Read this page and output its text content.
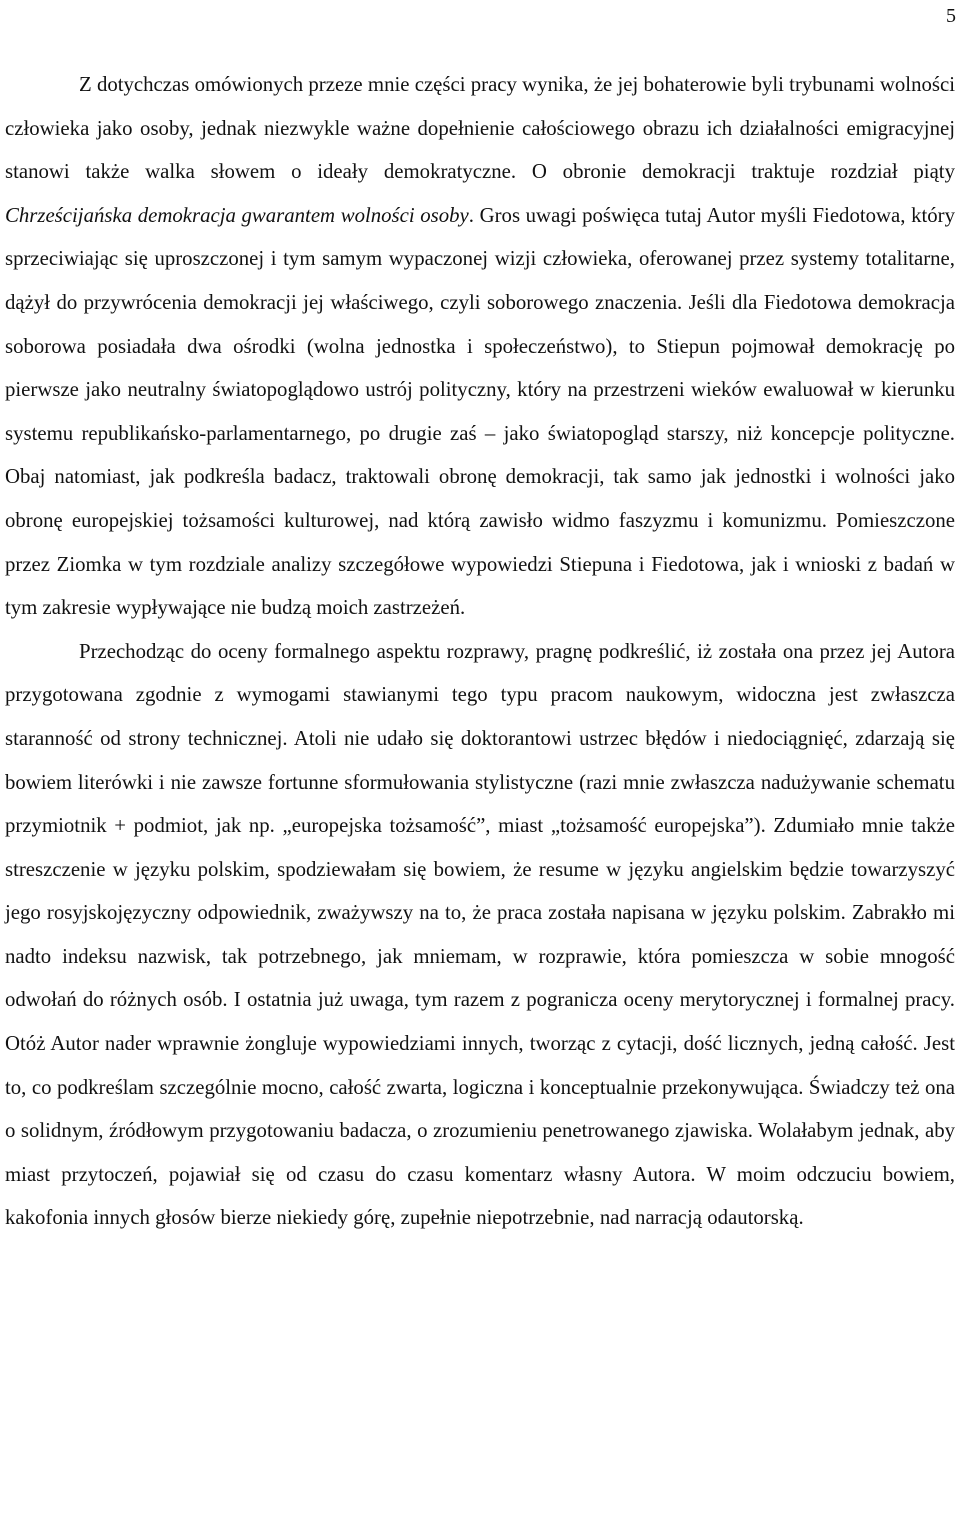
5

Z dotychczas omówionych przeze mnie części pracy wynika, że jej bohaterowie byli trybunami wolności człowieka jako osoby, jednak niezwykle ważne dopełnienie całościowego obrazu ich działalności emigracyjnej stanowi także walka słowem o ideały demokratyczne. O obronie demokracji traktuje rozdział piąty Chrześcijańska demokracja gwarantem wolności osoby. Gros uwagi poświęca tutaj Autor myśli Fiedotowa, który sprzeciwiając się uproszczonej i tym samym wypaczonej wizji człowieka, oferowanej przez systemy totalitarne, dążył do przywrócenia demokracji jej właściwego, czyli soborowego znaczenia. Jeśli dla Fiedotowa demokracja soborowa posiadała dwa ośrodki (wolna jednostka i społeczeństwo), to Stiepun pojmował demokrację po pierwsze jako neutralny światopoglądowo ustrój polityczny, który na przestrzeni wieków ewaluował w kierunku systemu republikańsko-parlamentarnego, po drugie zaś – jako światopogląd starszy, niż koncepcje polityczne. Obaj natomiast, jak podkreśla badacz, traktowali obronę demokracji, tak samo jak jednostki i wolności jako obronę europejskiej tożsamości kulturowej, nad którą zawisło widmo faszyzmu i komunizmu. Pomieszczone przez Ziomka w tym rozdziale analizy szczegółowe wypowiedzi Stiepuna i Fiedotowa, jak i wnioski z badań w tym zakresie wypływające nie budzą moich zastrzeżeń.

Przechodząc do oceny formalnego aspektu rozprawy, pragnę podkreślić, iż została ona przez jej Autora przygotowana zgodnie z wymogami stawianymi tego typu pracom naukowym, widoczna jest zwłaszcza staranność od strony technicznej. Atoli nie udało się doktorantowi ustrzec błędów i niedociągnięć, zdarzają się bowiem literówki i nie zawsze fortunne sformułowania stylistyczne (razi mnie zwłaszcza nadużywanie schematu przymiotnik + podmiot, jak np. „europejska tożsamość”, miast „tożsamość europejska”). Zdumiało mnie także streszczenie w języku polskim, spodziewałam się bowiem, że resume w języku angielskim będzie towarzyszyć jego rosyjskojęzyczny odpowiednik, zważywszy na to, że praca została napisana w języku polskim. Zabrakło mi nadto indeksu nazwisk, tak potrzebnego, jak mniemam, w rozprawie, która pomieszcza w sobie mnogość odwołań do różnych osób. I ostatnia już uwaga, tym razem z pogranicza oceny merytorycznej i formalnej pracy. Otóż Autor nader wprawnie żongluje wypowiedziami innych, tworząc z cytacji, dość licznych, jedną całość. Jest to, co podkreślam szczególnie mocno, całość zwarta, logiczna i konceptualnie przekonywująca. Świadczy też ona o solidnym, źródłowym przygotowaniu badacza, o zrozumieniu penetrowanego zjawiska. Wolałabym jednak, aby miast przytoczeń, pojawiał się od czasu do czasu komentarz własny Autora. W moim odczuciu bowiem, kakofonia innych głosów bierze niekiedy górę, zupełnie niepotrzebnie, nad narracją odautorską.
